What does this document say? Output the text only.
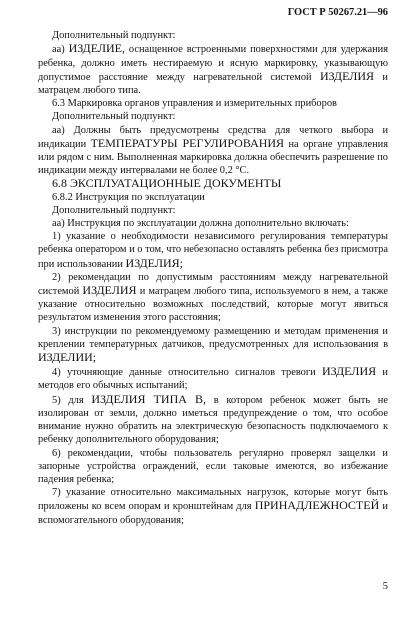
ГОСТ Р 50267.21—96

Дополнительный подпункт:

аа) ИЗДЕЛИЕ, оснащенное встроенными поверхностями для удержания ребенка, должно иметь нестираемую и ясную маркировку, указывающую допустимое расстояние между нагревательной системой ИЗДЕЛИЯ и матрацем любого типа.

6.3 Маркировка органов управления и измерительных приборов

Дополнительный подпункт:

аа) Должны быть предусмотрены средства для четкого выбора и индикации ТЕМПЕРАТУРЫ РЕГУЛИРОВАНИЯ на органе управления или рядом с ним. Выполненная маркировка должна обеспечить разрешение по индикации между интервалами не более 0,2 °С.

6.8 ЭКСПЛУАТАЦИОННЫЕ ДОКУМЕНТЫ

6.8.2 Инструкция по эксплуатации

Дополнительный подпункт:

аа) Инструкция по эксплуатации должна дополнительно включать:

1) указание о необходимости независимого регулирования температуры ребенка оператором и о том, что небезопасно оставлять ребенка без присмотра при использовании ИЗДЕЛИЯ;

2) рекомендации по допустимым расстояниям между нагревательной системой ИЗДЕЛИЯ и матрацем любого типа, используемого в нем, а также указание относительно возможных последствий, которые могут явиться результатом изменения этого расстояния;

3) инструкции по рекомендуемому размещению и методам применения и креплении температурных датчиков, предусмотренных для использования в ИЗДЕЛИИ;

4) уточняющие данные относительно сигналов тревоги ИЗДЕЛИЯ и методов его обычных испытаний;

5) для ИЗДЕЛИЯ ТИПА В, в котором ребенок может быть не изолирован от земли, должно иметься предупреждение о том, что особое внимание нужно обратить на электрическую безопасность подключаемого к ребенку дополнительного оборудования;

6) рекомендации, чтобы пользователь регулярно проверял защелки и запорные устройства ограждений, если таковые имеются, во избежание падения ребенка;

7) указание относительно максимальных нагрузок, которые могут быть приложены ко всем опорам и кронштейнам для ПРИНАДЛЕЖНОСТЕЙ и вспомогательного оборудования;

5
